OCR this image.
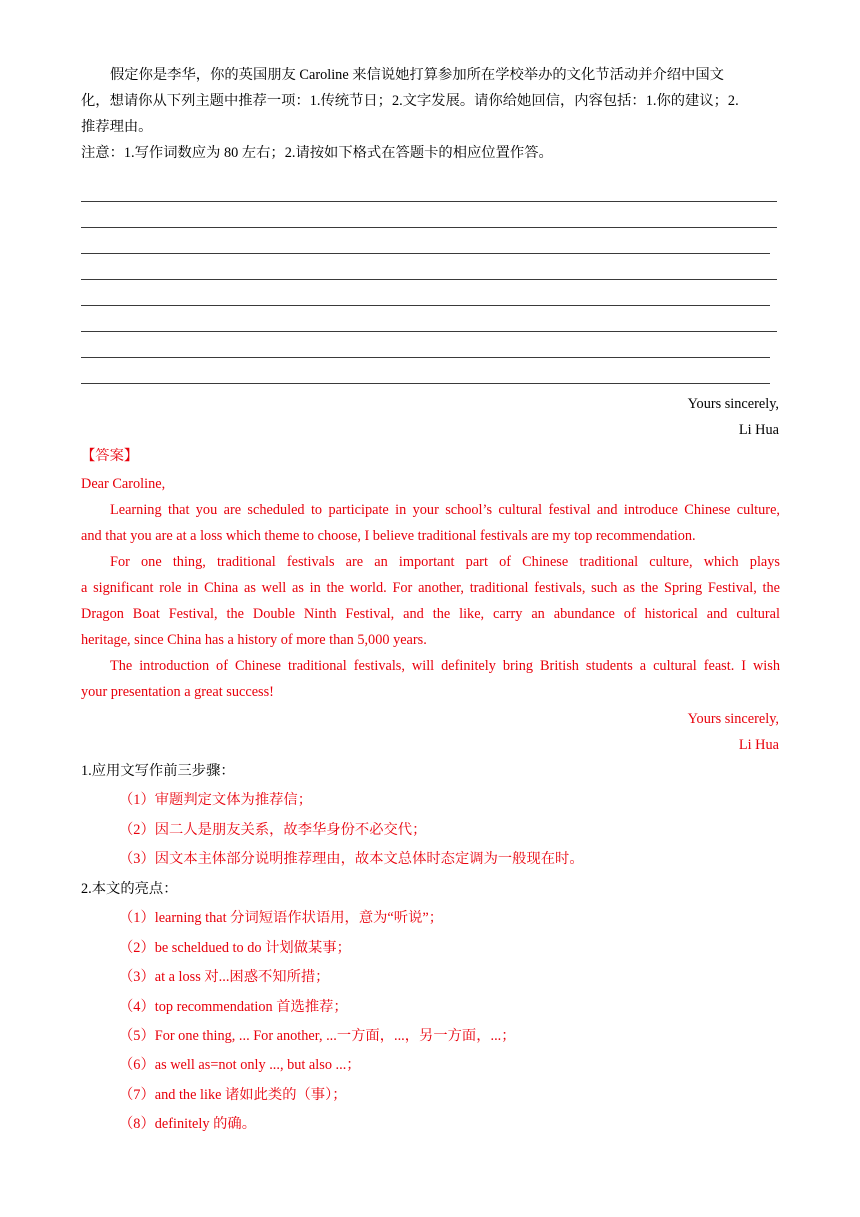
假定你是李华，你的英国朋友 Caroline 来信说她打算参加所在学校举办的文化节活动并介绍中国文
化，想请你从下列主题中推荐一项：1.传统节日；2.文字发展。请你给她回信，内容包括：1.你的建议；2.
推荐理由。
注意：1.写作词数应为 80 左右；2.请按如下格式在答题卡的相应位置作答。
Yours sincerely,
Li Hua
【答案】
Dear Caroline,
Learning that you are scheduled to participate in your school’s cultural festival and introduce Chinese culture,
and that you are at a loss which theme to choose, I believe traditional festivals are my top recommendation.
For one thing, traditional festivals are an important part of Chinese traditional culture, which plays
a significant role in China as well as in the world. For another, traditional festivals, such as the Spring Festival, the
Dragon Boat Festival, the Double Ninth Festival, and the like, carry an abundance of historical and cultural
heritage, since China has a history of more than 5,000 years.
The introduction of Chinese traditional festivals, will definitely bring British students a cultural feast. I wish
your presentation a great success!
Yours sincerely,
Li Hua
1.应用文写作前三步骤：
（1）审题判定文体为推荐信；
（2）因二人是朋友关系，故李华身份不必交代；
（3）因文本主体部分说明推荐理由，故本文总体时态定调为一般现在时。
2.本文的亮点：
（1）learning that 分词短语作状语用，意为“听说”；
（2）be scheldued to do 计划做某事；
（3）at a loss 对...困惑不知所措；
（4）top recommendation 首选推荐；
（5）For one thing, ... For another, ...一方面，...，另一方面，...；
（6）as well as=not only ..., but also ...；
（7）and the like 诸如此类的（事）；
（8）definitely 的确。
